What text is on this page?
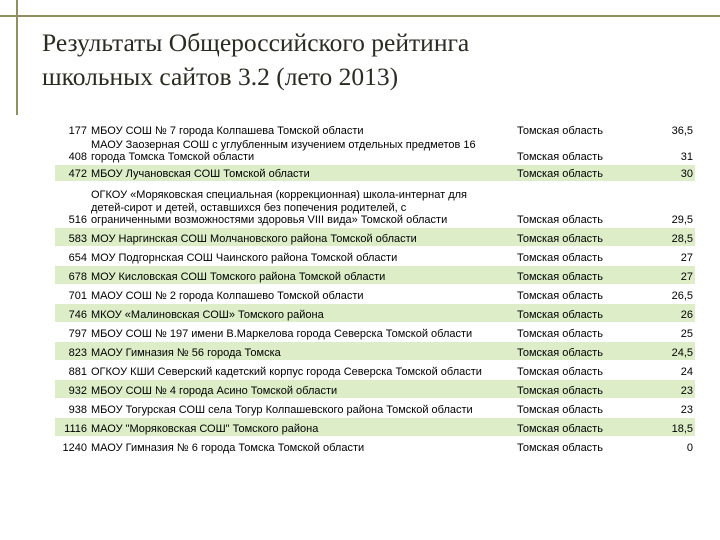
Результаты Общероссийского рейтинга
школьных сайтов 3.2 (лето 2013)
177	МБОУ СОШ № 7 города Колпашева Томской области	Томская область	36,5
408	МАОУ Заозерная СОШ с углубленным изучением отдельных предметов 16
города Томска Томской области	Томская область	31
472	МБОУ Лучановская СОШ Томской области	Томская область	30
516	ОГКОУ «Моряковская специальная (коррекционная) школа-интернат для
детей-сирот и детей, оставшихся без попечения родителей, с
ограниченными возможностями здоровья VIII вида» Томской области	Томская область	29,5
583	МОУ Наргинская СОШ Молчановского района Томской области	Томская область	28,5
654	МОУ Подгорнская СОШ Чаинского района Томской области	Томская область	27
678	МОУ Кисловская СОШ Томского района Томской области	Томская область	27
701	МАОУ СОШ № 2 города Колпашево Томской области	Томская область	26,5
746	МКОУ «Малиновская СОШ» Томского района	Томская область	26
797	МБОУ СОШ № 197 имени В.Маркелова города Северска Томской области	Томская область	25
823	МАОУ Гимназия № 56 города Томска	Томская область	24,5
881	ОГКОУ КШИ Северский кадетский корпус города Северска Томской области	Томская область	24
932	МБОУ СОШ № 4 города Асино Томской области	Томская область	23
938	МБОУ Тогурская СОШ села Тогур Колпашевского района Томской области	Томская область	23
1116	МАОУ "Моряковская СОШ" Томского района	Томская область	18,5
1240	МАОУ Гимназия № 6 города Томска Томской области	Томская область	0
